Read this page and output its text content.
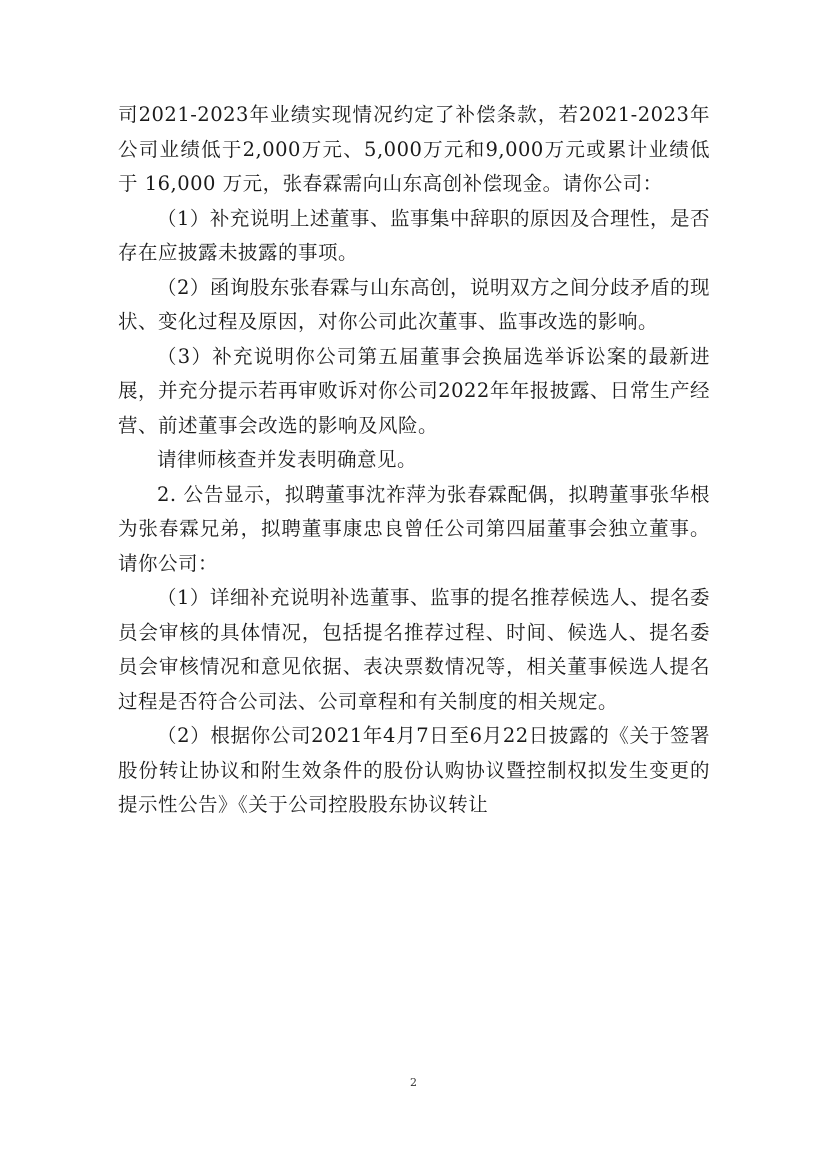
司2021-2023年业绩实现情况约定了补偿条款，若2021-2023年公司业绩低于2,000万元、5,000万元和9,000万元或累计业绩低于 16,000 万元，张春霖需向山东高创补偿现金。请你公司：

（1）补充说明上述董事、监事集中辞职的原因及合理性，是否存在应披露未披露的事项。

（2）函询股东张春霖与山东高创，说明双方之间分歧矛盾的现状、变化过程及原因，对你公司此次董事、监事改选的影响。

（3）补充说明你公司第五届董事会换届选举诉讼案的最新进展，并充分提示若再审败诉对你公司2022年年报披露、日常生产经营、前述董事会改选的影响及风险。

请律师核查并发表明确意见。

2. 公告显示，拟聘董事沈祚萍为张春霖配偶，拟聘董事张华根为张春霖兄弟，拟聘董事康忠良曾任公司第四届董事会独立董事。请你公司：

（1）详细补充说明补选董事、监事的提名推荐候选人、提名委员会审核的具体情况，包括提名推荐过程、时间、候选人、提名委员会审核情况和意见依据、表决票数情况等，相关董事候选人提名过程是否符合公司法、公司章程和有关制度的相关规定。

（2）根据你公司2021年4月7日至6月22日披露的《关于签署股份转让协议和附生效条件的股份认购协议暨控制权拟发生变更的提示性公告》《关于公司控股股东协议转让

2
